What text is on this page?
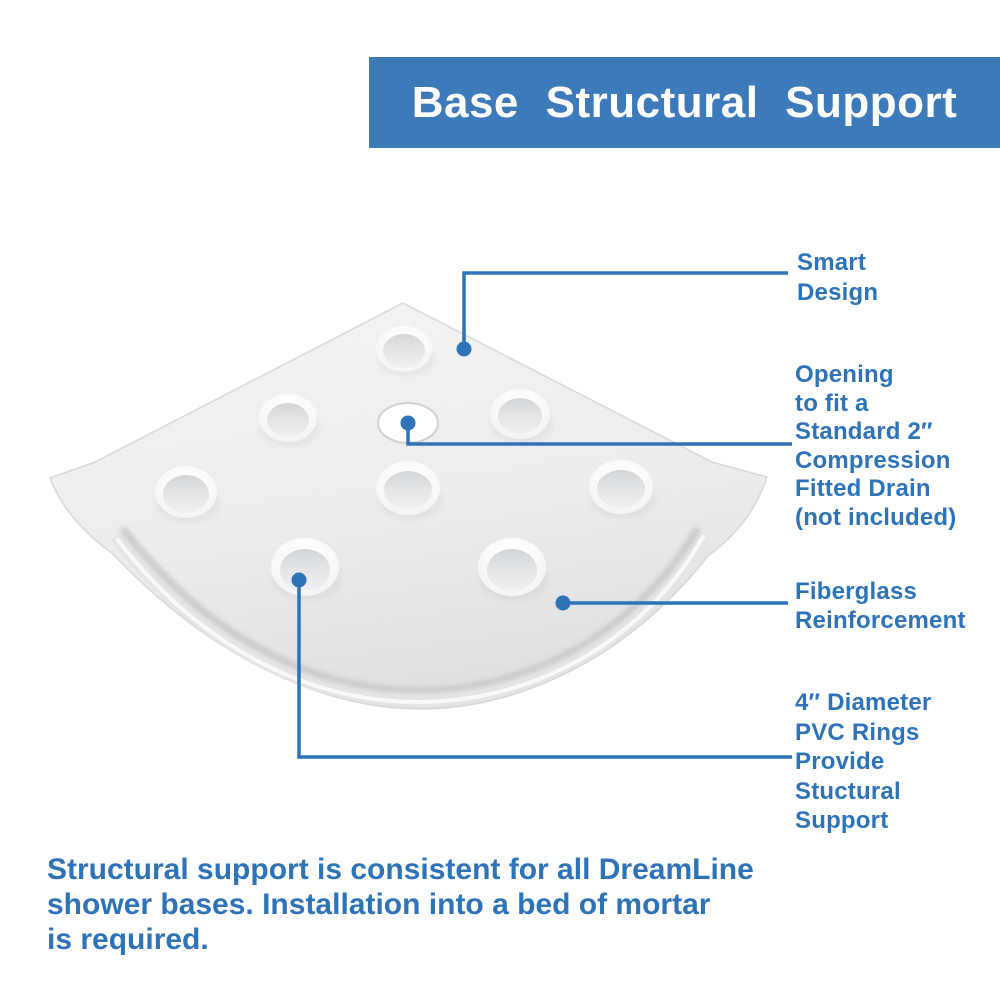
Base Structural Support
Smart
Design
Opening
to fit a
Standard 2″
Compression
Fitted Drain
(not included)
Fiberglass
Reinforcement
4″ Diameter
PVC Rings
Provide
Stuctural
Support
Structural support is consistent for all DreamLine
shower bases. Installation into a bed of mortar
is required.
